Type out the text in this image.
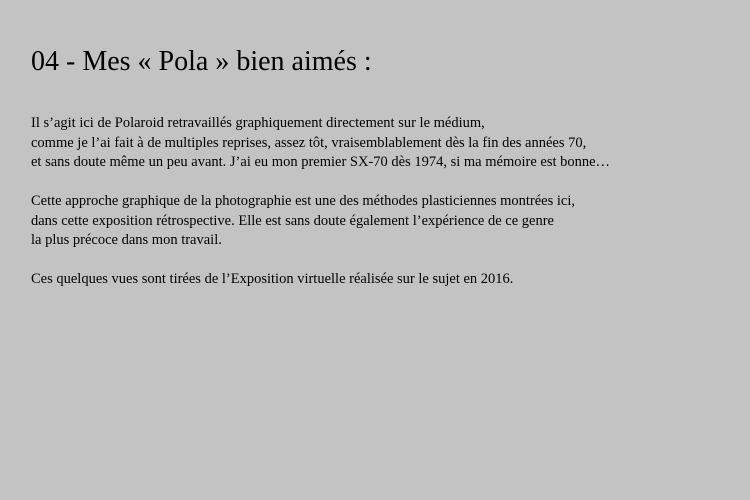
04 - Mes « Pola » bien aimés :

Il s’agit ici de Polaroid retravaillés graphiquement directement sur le médium,
comme je l’ai fait à de multiples reprises, assez tôt, vraisemblablement dès la fin des années 70,
et sans doute même un peu avant. J’ai eu mon premier SX-70 dès 1974, si ma mémoire est bonne…

Cette approche graphique de la photographie est une des méthodes plasticiennes montrées ici,
dans cette exposition rétrospective. Elle est sans doute également l’expérience de ce genre
la plus précoce dans mon travail.

Ces quelques vues sont tirées de l’Exposition virtuelle réalisée sur le sujet en 2016.
